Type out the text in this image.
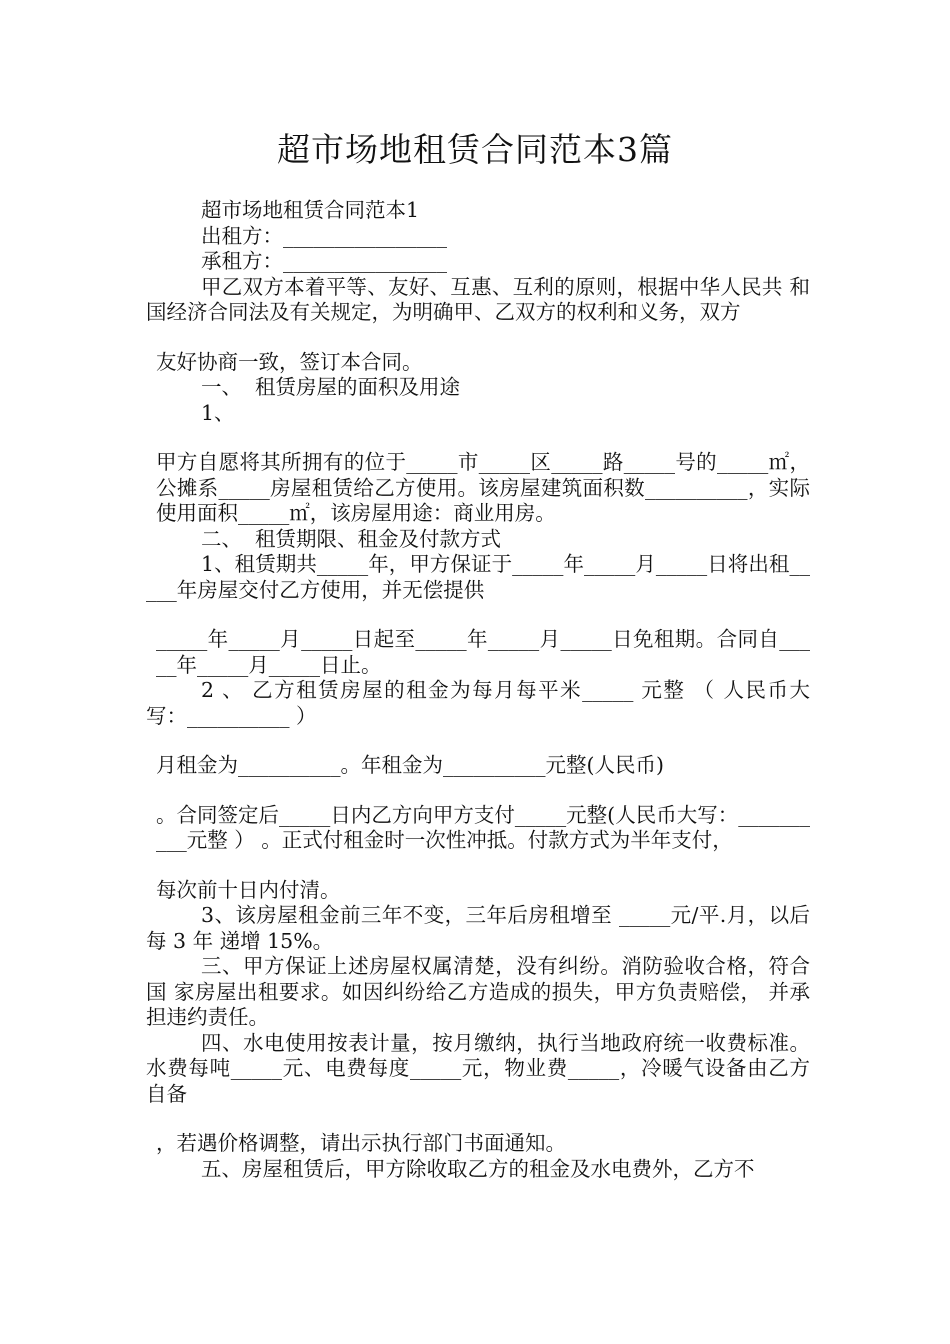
超市场地租赁合同范本3篇

超市场地租赁合同范本1

出租方：________________

承租方：________________

甲乙双方本着平等、友好、互惠、互利的原则，根据中华人民共 和国经济合同法及有关规定，为明确甲、乙双方的权利和义务，双方

友好协商一致，签订本合同。

一、  租赁房屋的面积及用途

1、

甲方自愿将其所拥有的位于_____市_____区_____路_____号的_____㎡，公摊系_____房屋租赁给乙方使用。该房屋建筑面积数__________，实际使用面积_____㎡，该房屋用途：商业用房。

二、  租赁期限、租金及付款方式

1、租赁期共_____年，甲方保证于_____年_____月_____日将出租_____年房屋交付乙方使用，并无偿提供

_____年_____月_____日起至_____年_____月_____日免租期。合同自_____年_____月_____日止。

2 、 乙方租赁房屋的租金为每月每平米_____ 元整 （ 人民币大写：__________ ）

月租金为__________。年租金为__________元整(人民币)

。合同签定后_____日内乙方向甲方支付_____元整(人民币大写：__________元整 ） 。正式付租金时一次性冲抵。付款方式为半年支付，

每次前十日内付清。

3、该房屋租金前三年不变，三年后房租增至 _____元/平.月，以后每 3 年 递增 15%。

三、甲方保证上述房屋权属清楚，没有纠纷。消防验收合格，符合国 家房屋出租要求。如因纠纷给乙方造成的损失，甲方负责赔偿， 并承担违约责任。

四、水电使用按表计量，按月缴纳，执行当地政府统一收费标准。水费每吨_____元、电费每度_____元，物业费_____，冷暖气设备由乙方自备

，若遇价格调整，请出示执行部门书面通知。

五、房屋租赁后，甲方除收取乙方的租金及水电费外，乙方不
